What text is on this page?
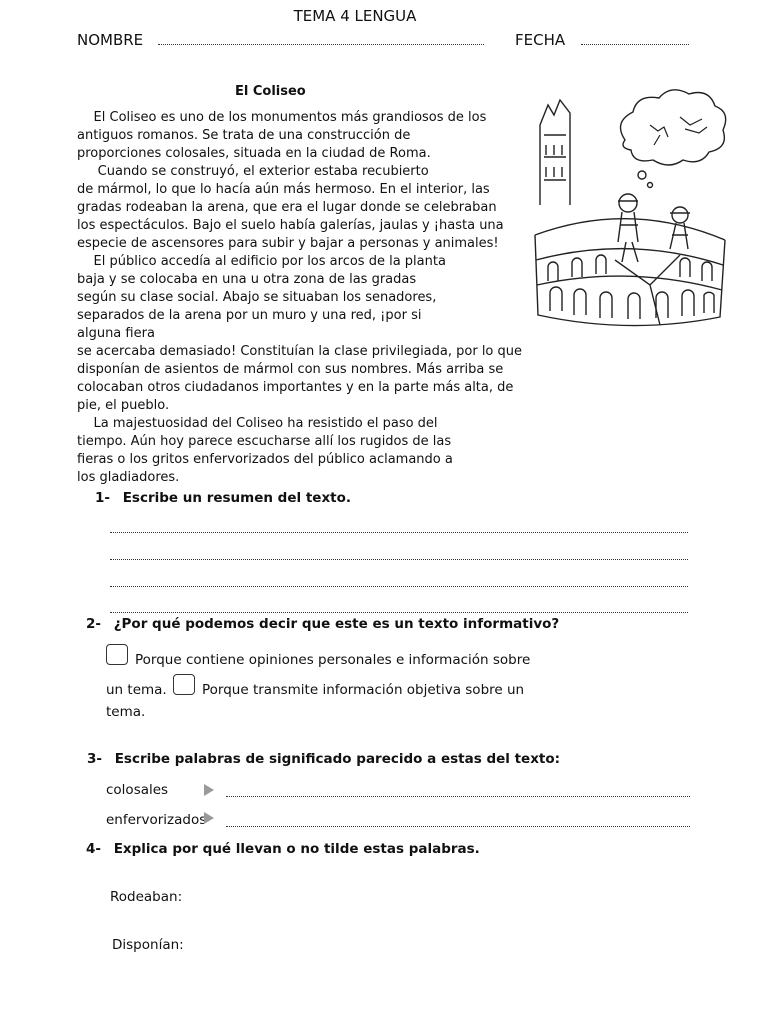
TEMA 4 LENGUA
NOMBRE	FECHA
El Coliseo
El Coliseo es uno de los monumentos más grandiosos de los
antiguos romanos. Se trata de una construcción de
proporciones colosales, situada en la ciudad de Roma.
Cuando se construyó, el exterior estaba recubierto
de mármol, lo que lo hacía aún más hermoso. En el interior, las
gradas rodeaban la arena, que era el lugar donde se celebraban
los espectáculos. Bajo el suelo había galerías, jaulas y ¡hasta una
especie de ascensores para subir y bajar a personas y animales!
El público accedía al edificio por los arcos de la planta
baja y se colocaba en una u otra zona de las gradas
según su clase social. Abajo se situaban los senadores,
separados de la arena por un muro y una red, ¡por si
alguna fiera
se acercaba demasiado! Constituían la clase privilegiada, por lo que
disponían de asientos de mármol con sus nombres. Más arriba se
colocaban otros ciudadanos importantes y en la parte más alta, de
pie, el pueblo.
La majestuosidad del Coliseo ha resistido el paso del
tiempo. Aún hoy parece escucharse allí los rugidos de las
fieras o los gritos enfervorizados del público aclamando a
los gladiadores.
1- Escribe un resumen del texto.
2- ¿Por qué podemos decir que este es un texto informativo?
Porque contiene opiniones personales e información sobre
un tema.	Porque transmite información objetiva sobre un
tema.
3- Escribe palabras de significado parecido a estas del texto:
colosales
enfervorizados
4- Explica por qué llevan o no tilde estas palabras.
Rodeaban:
Disponían:
